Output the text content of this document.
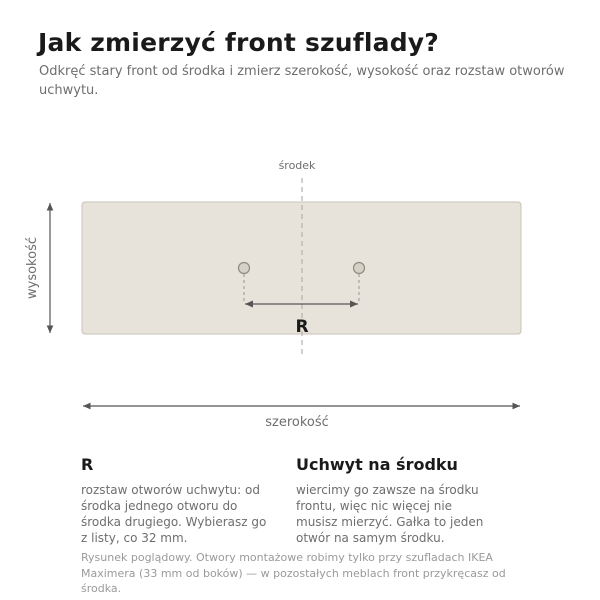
Jak zmierzyć front szuflady?

Odkręć stary front od środka i zmierz szerokość, wysokość oraz rozstaw otworów uchwytu.

środek
wysokość
R
szerokość
R

rozstaw otworów uchwytu: od środka jednego otworu do środka drugiego. Wybierasz go z listy, co 32 mm.

Uchwyt na środku

wiercimy go zawsze na środku frontu, więc nic więcej nie musisz mierzyć. Gałka to jeden otwór na samym środku.

Rysunek poglądowy. Otwory montażowe robimy tylko przy szufladach IKEA Maximera (33 mm od boków) — w pozostałych meblach front przykręcasz od środka.
